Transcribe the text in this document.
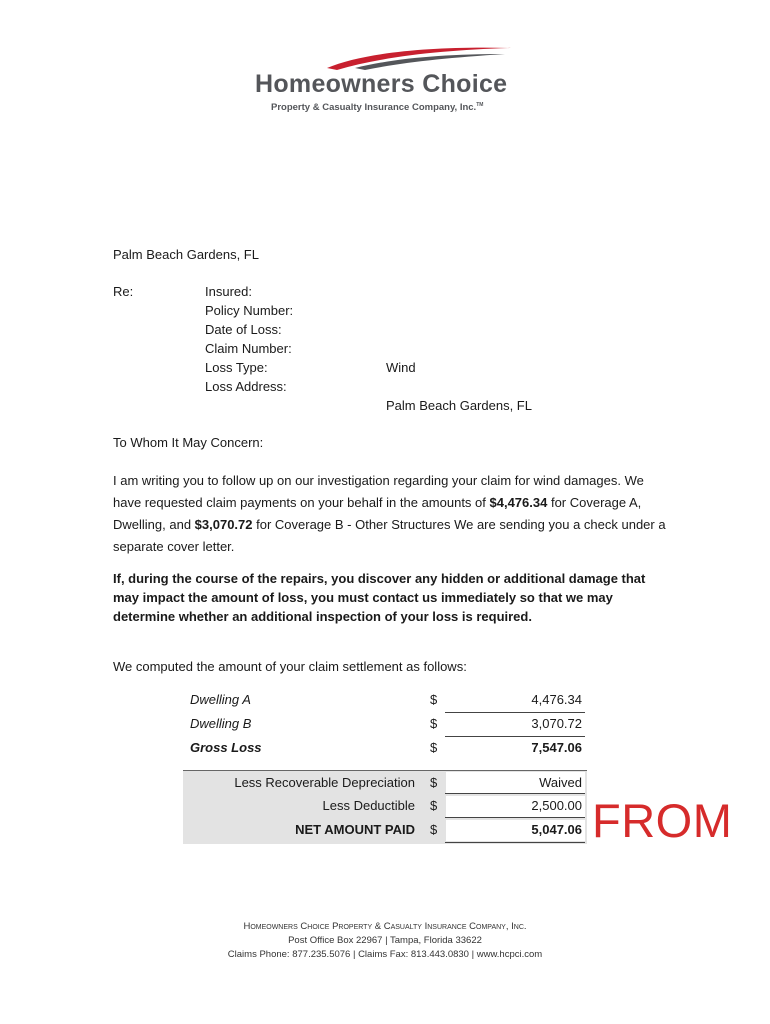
Homeowners Choice
Property & Casualty Insurance Company, Inc.™
Palm Beach Gardens, FL
Re:	Insured:
Policy Number:
Date of Loss:
Claim Number:
Loss Type:	Wind
Loss Address:
Palm Beach Gardens, FL
To Whom It May Concern:
I am writing you to follow up on our investigation regarding your claim for wind damages. We have requested claim payments on your behalf in the amounts of $4,476.34 for Coverage A, Dwelling, and $3,070.72 for Coverage B - Other Structures We are sending you a check under a separate cover letter.
If, during the course of the repairs, you discover any hidden or additional damage that may impact the amount of loss, you must contact us immediately so that we may determine whether an additional inspection of your loss is required.
We computed the amount of your claim settlement as follows:
Dwelling A	$	4,476.34
Dwelling B	$	3,070.72
Gross Loss	$	7,547.06
Less Recoverable Depreciation $	Waived
Less Deductible $	2,500.00
NET AMOUNT PAID $	5,047.06 FROM
Homeowners Choice Property & Casualty Insurance Company, Inc.
Post Office Box 22967 | Tampa, Florida 33622
Claims Phone: 877.235.5076 | Claims Fax: 813.443.0830 | www.hcpci.com
